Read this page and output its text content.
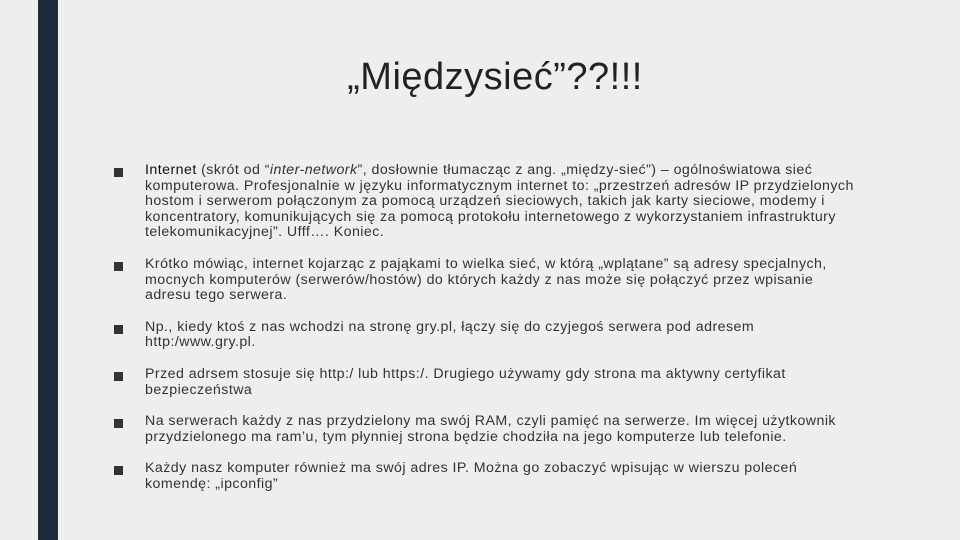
„Międzysieć”??!!!
Internet (skrót od “inter-network”, dosłownie tłumacząc z ang. „między-sieć”) – ogólnoświatowa sieć komputerowa. Profesjonalnie w języku informatycznym internet to: „przestrzeń adresów IP przydzielonych hostom i serwerom połączonym za pomocą urządzeń sieciowych, takich jak karty sieciowe, modemy i koncentratory, komunikujących się za pomocą protokołu internetowego z wykorzystaniem infrastruktury telekomunikacyjnej”. Ufff…. Koniec.
Krótko mówiąc, internet kojarząc z pająkami to wielka sieć, w którą „wplątane” są adresy specjalnych, mocnych komputerów (serwerów/hostów) do których każdy z nas może się połączyć przez wpisanie adresu tego serwera.
Np., kiedy ktoś z nas wchodzi na stronę gry.pl, łączy się do czyjegoś serwera pod adresem http:/www.gry.pl.
Przed adrsem stosuje się http:/ lub https:/. Drugiego używamy gdy strona ma aktywny certyfikat bezpieczeństwa
Na serwerach każdy z nas przydzielony ma swój RAM, czyli pamięć na serwerze. Im więcej użytkownik przydzielonego ma ram’u, tym płynniej strona będzie chodziła na jego komputerze lub telefonie.
Każdy nasz komputer również ma swój adres IP. Można go zobaczyć wpisując w wierszu poleceń komendę: „ipconfig”
